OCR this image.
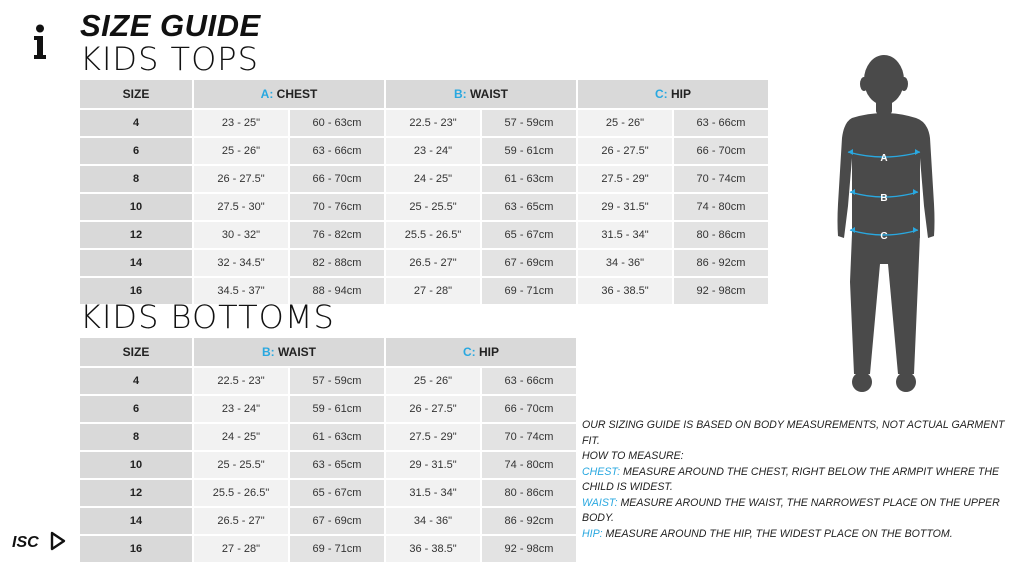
SIZE GUIDE
KIDS TOPS
SIZE	A: CHEST		B: WAIST		C: HIP	
4	23 - 25"	60 - 63cm	22.5 - 23"	57 - 59cm	25 - 26"	63 - 66cm
6	25 - 26"	63 - 66cm	23 - 24"	59 - 61cm	26 - 27.5"	66 - 70cm
8	26 - 27.5"	66 - 70cm	24 - 25"	61 - 63cm	27.5 - 29"	70 - 74cm
10	27.5 - 30"	70 - 76cm	25 - 25.5"	63 - 65cm	29 - 31.5"	74 - 80cm
12	30 - 32"	76 - 82cm	25.5 - 26.5"	65 - 67cm	31.5 - 34"	80 - 86cm
14	32 - 34.5"	82 - 88cm	26.5 - 27"	67 - 69cm	34 - 36"	86 - 92cm
16	34.5 - 37"	88 - 94cm	27 - 28"	69 - 71cm	36 - 38.5"	92 - 98cm
KIDS BOTTOMS
SIZE	B: WAIST		C: HIP	
4	22.5 - 23"	57 - 59cm	25 - 26"	63 - 66cm
6	23 - 24"	59 - 61cm	26 - 27.5"	66 - 70cm
8	24 - 25"	61 - 63cm	27.5 - 29"	70 - 74cm
10	25 - 25.5"	63 - 65cm	29 - 31.5"	74 - 80cm
12	25.5 - 26.5"	65 - 67cm	31.5 - 34"	80 - 86cm
14	26.5 - 27"	67 - 69cm	34 - 36"	86 - 92cm
16	27 - 28"	69 - 71cm	36 - 38.5"	92 - 98cm
A
B
C

OUR SIZING GUIDE IS BASED ON BODY MEASUREMENTS, NOT ACTUAL GARMENT FIT.

HOW TO MEASURE:

CHEST: MEASURE AROUND THE CHEST, RIGHT BELOW THE ARMPIT WHERE THE CHILD IS WIDEST.

WAIST: MEASURE AROUND THE WAIST, THE NARROWEST PLACE ON THE UPPER BODY.

HIP: MEASURE AROUND THE HIP, THE WIDEST PLACE ON THE BOTTOM.

ISC
